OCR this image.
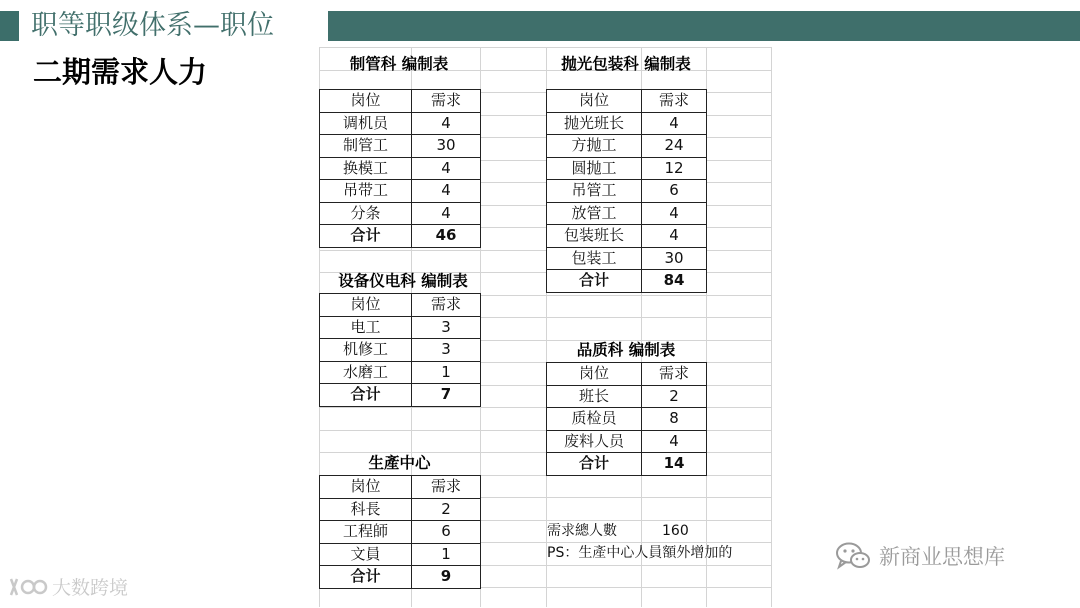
职等职级体系—职位
二期需求人力	制管科 编制表
岗位	需求
调机员	4
制管工	30
换模工	4
吊带工	4
分条	4
合计	46
设备仪电科 编制表
岗位	需求
电工	3
机修工	3
水磨工	1
合计	7
生產中心
岗位	需求
科長	2
工程師	6
文員	1
合计	9
抛光包装科 编制表
岗位	需求
抛光班长	4
方抛工	24
圆抛工	12
吊管工	6
放管工	4
包装班长	4
包装工	30
合计	84
品质科 编制表
岗位	需求
班长	2
质检员	8
废料人员	4
合计	14
需求總人數	160
PS：生產中心人員額外增加的
大数跨境
新商业思想库
